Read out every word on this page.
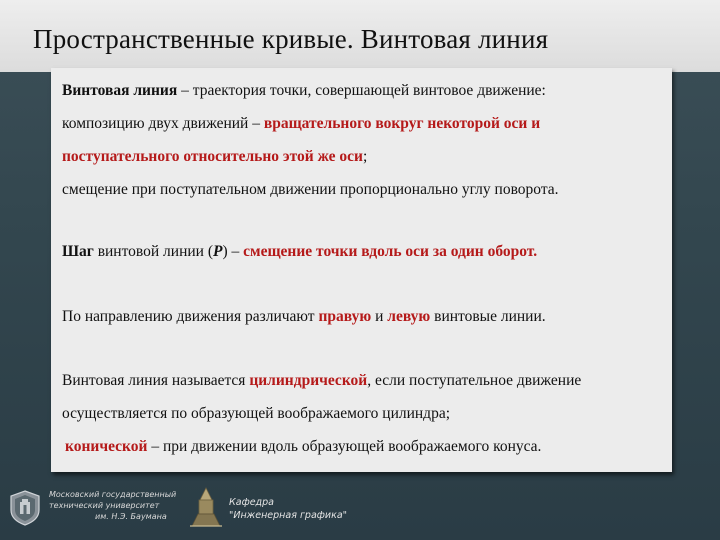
Пространственные кривые. Винтовая линия
Винтовая линия – траектория точки, совершающей винтовое движение:
композицию двух движений – вращательного вокруг некоторой оси и
поступательного относительно этой же оси;
смещение при поступательном движении пропорционально углу поворота.
Шаг винтовой линии (Р) – смещение точки вдоль оси за один оборот.
По направлению движения различают правую и левую винтовые линии.
Винтовая линия называется цилиндрической, если поступательное движение
осуществляется по образующей воображаемого цилиндра;
конической – при движении вдоль образующей воображаемого конуса.
Московский государственный
технический университет
им. Н.Э. Баумана
Кафедра
"Инженерная графика"
